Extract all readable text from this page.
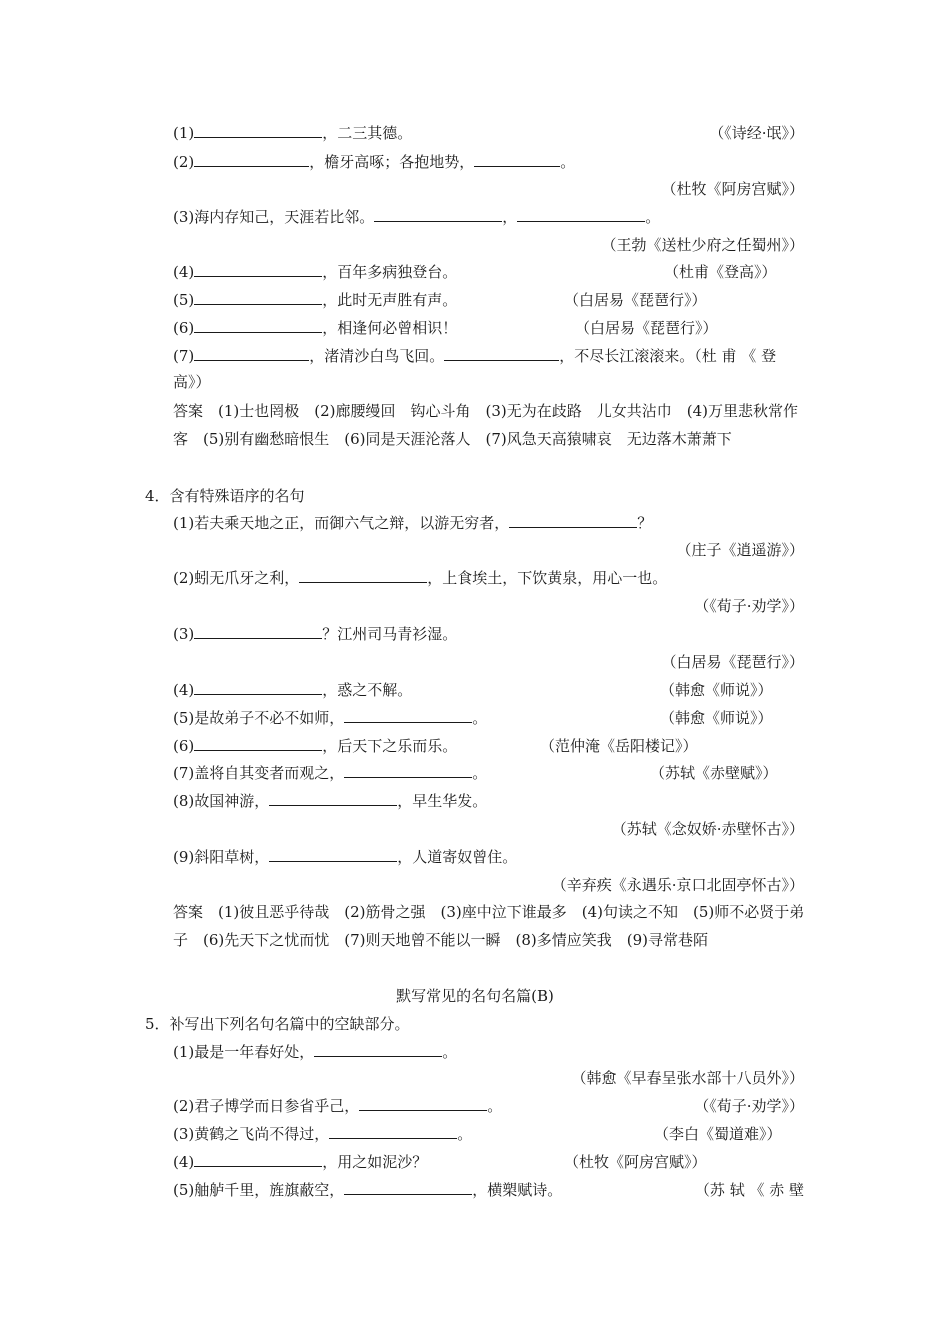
(1)	，二三其德。	（《诗经·氓》）
(2)	，檐牙高啄；各抱地势，	。
（杜牧《阿房宫赋》）
(3)海内存知己，天涯若比邻。	，	。
（王勃《送杜少府之任蜀州》）
(4)	，百年多病独登台。	（杜甫《登高》）
(5)	，此时无声胜有声。	（白居易《琵琶行》）
(6)	，相逢何必曾相识！	（白居易《琵琶行》）
(7)	，渚清沙白鸟飞回。	，不尽长江滚滚来。（杜 甫 《 登
高》）
答案　(1)士也罔极　(2)廊腰缦回　钩心斗角　(3)无为在歧路　儿女共沾巾　(4)万里悲秋常作客　(5)别有幽愁暗恨生　(6)同是天涯沦落人　(7)风急天高猿啸哀　无边落木萧萧下
4．含有特殊语序的名句
(1)若夫乘天地之正，而御六气之辩，以游无穷者，	？
（庄子《逍遥游》）
(2)蚓无爪牙之利，	，上食埃土，下饮黄泉，用心一也。
（《荀子·劝学》）
(3)	？江州司马青衫湿。
（白居易《琵琶行》）
(4)	，惑之不解。	（韩愈《师说》）
(5)是故弟子不必不如师，	。	（韩愈《师说》）
(6)	，后天下之乐而乐。	（范仲淹《岳阳楼记》）
(7)盖将自其变者而观之，	。	（苏轼《赤壁赋》）
(8)故国神游，	，早生华发。
（苏轼《念奴娇·赤壁怀古》）
(9)斜阳草树，	，人道寄奴曾住。
（辛弃疾《永遇乐·京口北固亭怀古》）
答案　(1)彼且恶乎待哉　(2)筋骨之强　(3)座中泣下谁最多　(4)句读之不知　(5)师不必贤于弟子　(6)先天下之忧而忧　(7)则天地曾不能以一瞬　(8)多情应笑我　(9)寻常巷陌
默写常见的名句名篇(B)
5．补写出下列名句名篇中的空缺部分。
(1)最是一年春好处，	。
（韩愈《早春呈张水部十八员外》）
(2)君子博学而日参省乎己，	。	（《荀子·劝学》）
(3)黄鹤之飞尚不得过，	。	（李白《蜀道难》）
(4)	，用之如泥沙？	（杜牧《阿房宫赋》）
(5)舳舻千里，旌旗蔽空，	，横槊赋诗。	（苏 轼 《 赤 壁
